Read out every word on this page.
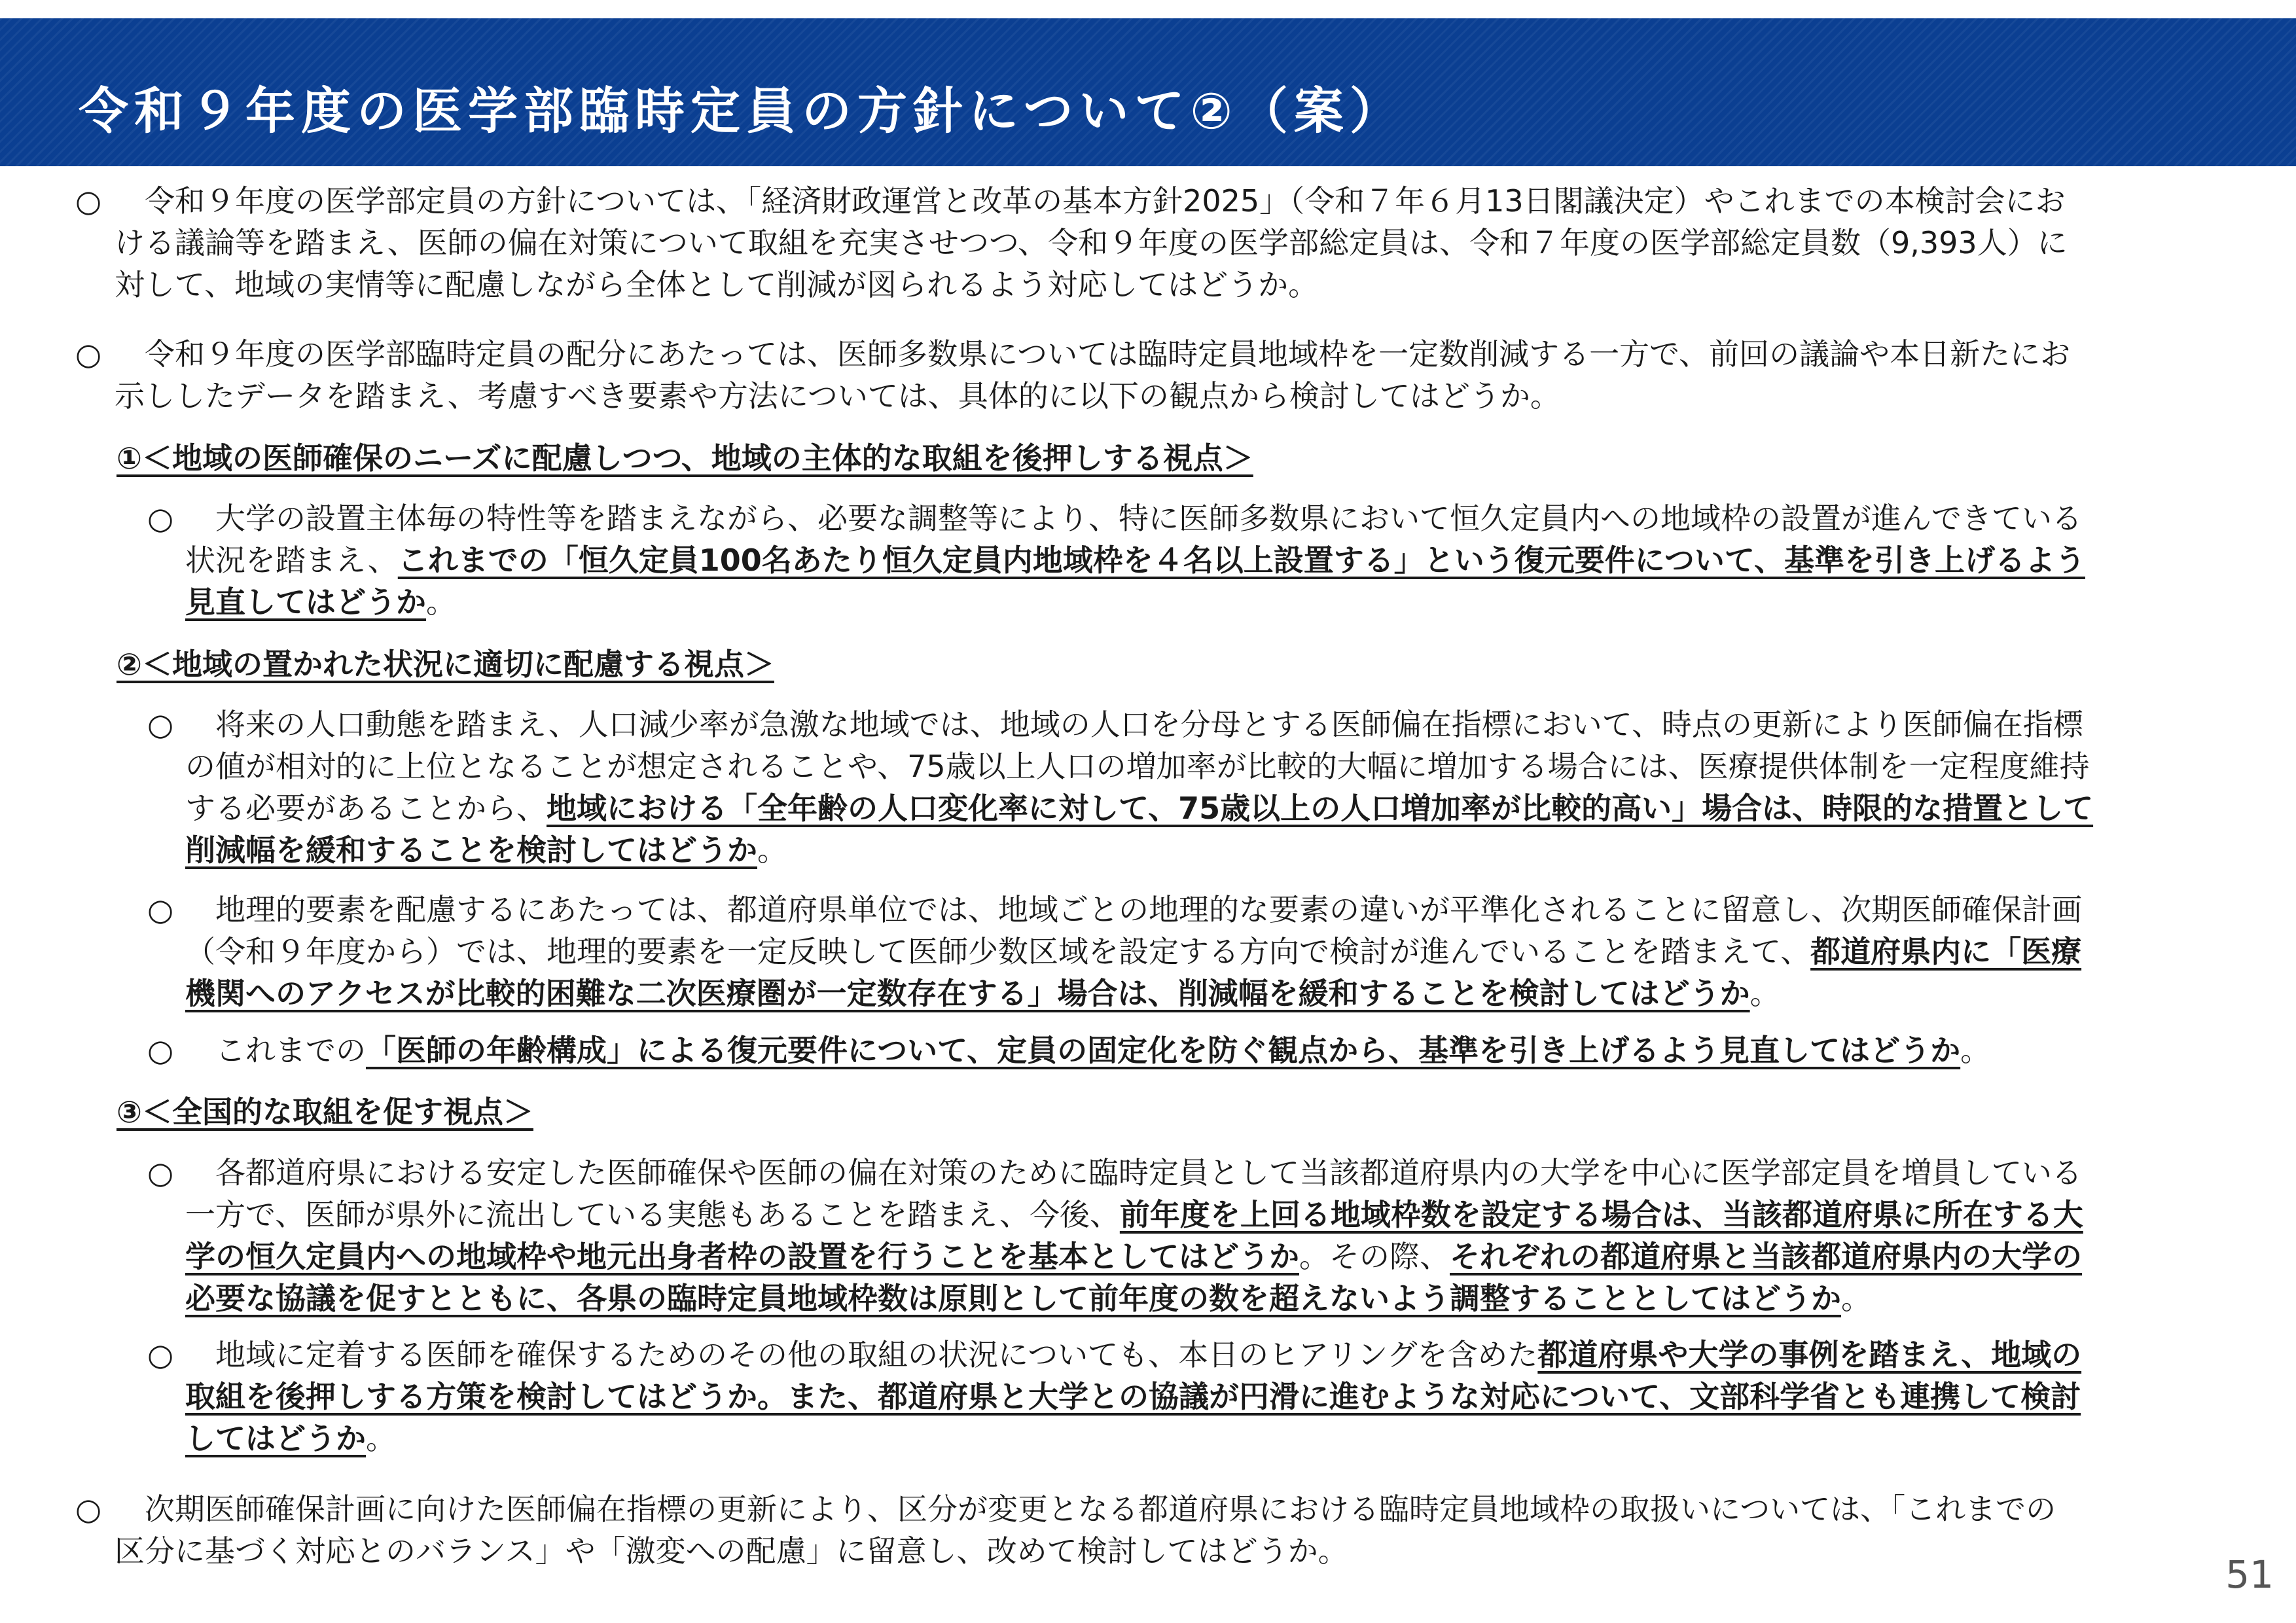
令和９年度の医学部臨時定員の方針について②（案）
○ 　令和９年度の医学部定員の方針については、「経済財政運営と改革の基本方針2025」（令和７年６月13日閣議決定）やこれまでの本検討会にお
ける議論等を踏まえ、医師の偏在対策について取組を充実させつつ、令和９年度の医学部総定員は、令和７年度の医学部総定員数（9,393人）に
対して、地域の実情等に配慮しながら全体として削減が図られるよう対応してはどうか。
○ 　令和９年度の医学部臨時定員の配分にあたっては、医師多数県については臨時定員地域枠を一定数削減する一方で、前回の議論や本日新たにお
示ししたデータを踏まえ、考慮すべき要素や方法については、具体的に以下の観点から検討してはどうか。
①＜地域の医師確保のニーズに配慮しつつ、地域の主体的な取組を後押しする視点＞
○ 　大学の設置主体毎の特性等を踏まえながら、必要な調整等により、特に医師多数県において恒久定員内への地域枠の設置が進んできている
状況を踏まえ、これまでの「恒久定員100名あたり恒久定員内地域枠を４名以上設置する」という復元要件について、基準を引き上げるよう
見直してはどうか。
②＜地域の置かれた状況に適切に配慮する視点＞
○ 　将来の人口動態を踏まえ、人口減少率が急激な地域では、地域の人口を分母とする医師偏在指標において、時点の更新により医師偏在指標
の値が相対的に上位となることが想定されることや、75歳以上人口の増加率が比較的大幅に増加する場合には、医療提供体制を一定程度維持
する必要があることから、地域における「全年齢の人口変化率に対して、75歳以上の人口増加率が比較的高い」場合は、時限的な措置として
削減幅を緩和することを検討してはどうか。
○ 　地理的要素を配慮するにあたっては、都道府県単位では、地域ごとの地理的な要素の違いが平準化されることに留意し、次期医師確保計画
（令和９年度から）では、地理的要素を一定反映して医師少数区域を設定する方向で検討が進んでいることを踏まえて、都道府県内に「医療
機関へのアクセスが比較的困難な二次医療圏が一定数存在する」場合は、削減幅を緩和することを検討してはどうか。
○ 　これまでの「医師の年齢構成」による復元要件について、定員の固定化を防ぐ観点から、基準を引き上げるよう見直してはどうか。
③＜全国的な取組を促す視点＞
○ 　各都道府県における安定した医師確保や医師の偏在対策のために臨時定員として当該都道府県内の大学を中心に医学部定員を増員している
一方で、医師が県外に流出している実態もあることを踏まえ、今後、前年度を上回る地域枠数を設定する場合は、当該都道府県に所在する大
学の恒久定員内への地域枠や地元出身者枠の設置を行うことを基本としてはどうか。その際、それぞれの都道府県と当該都道府県内の大学の
必要な協議を促すとともに、各県の臨時定員地域枠数は原則として前年度の数を超えないよう調整することとしてはどうか。
○ 　地域に定着する医師を確保するためのその他の取組の状況についても、本日のヒアリングを含めた都道府県や大学の事例を踏まえ、地域の
取組を後押しする方策を検討してはどうか。また、都道府県と大学との協議が円滑に進むような対応について、文部科学省とも連携して検討
してはどうか。
○ 　次期医師確保計画に向けた医師偏在指標の更新により、区分が変更となる都道府県における臨時定員地域枠の取扱いについては、「これまでの
区分に基づく対応とのバランス」や「激変への配慮」に留意し、改めて検討してはどうか。
51
